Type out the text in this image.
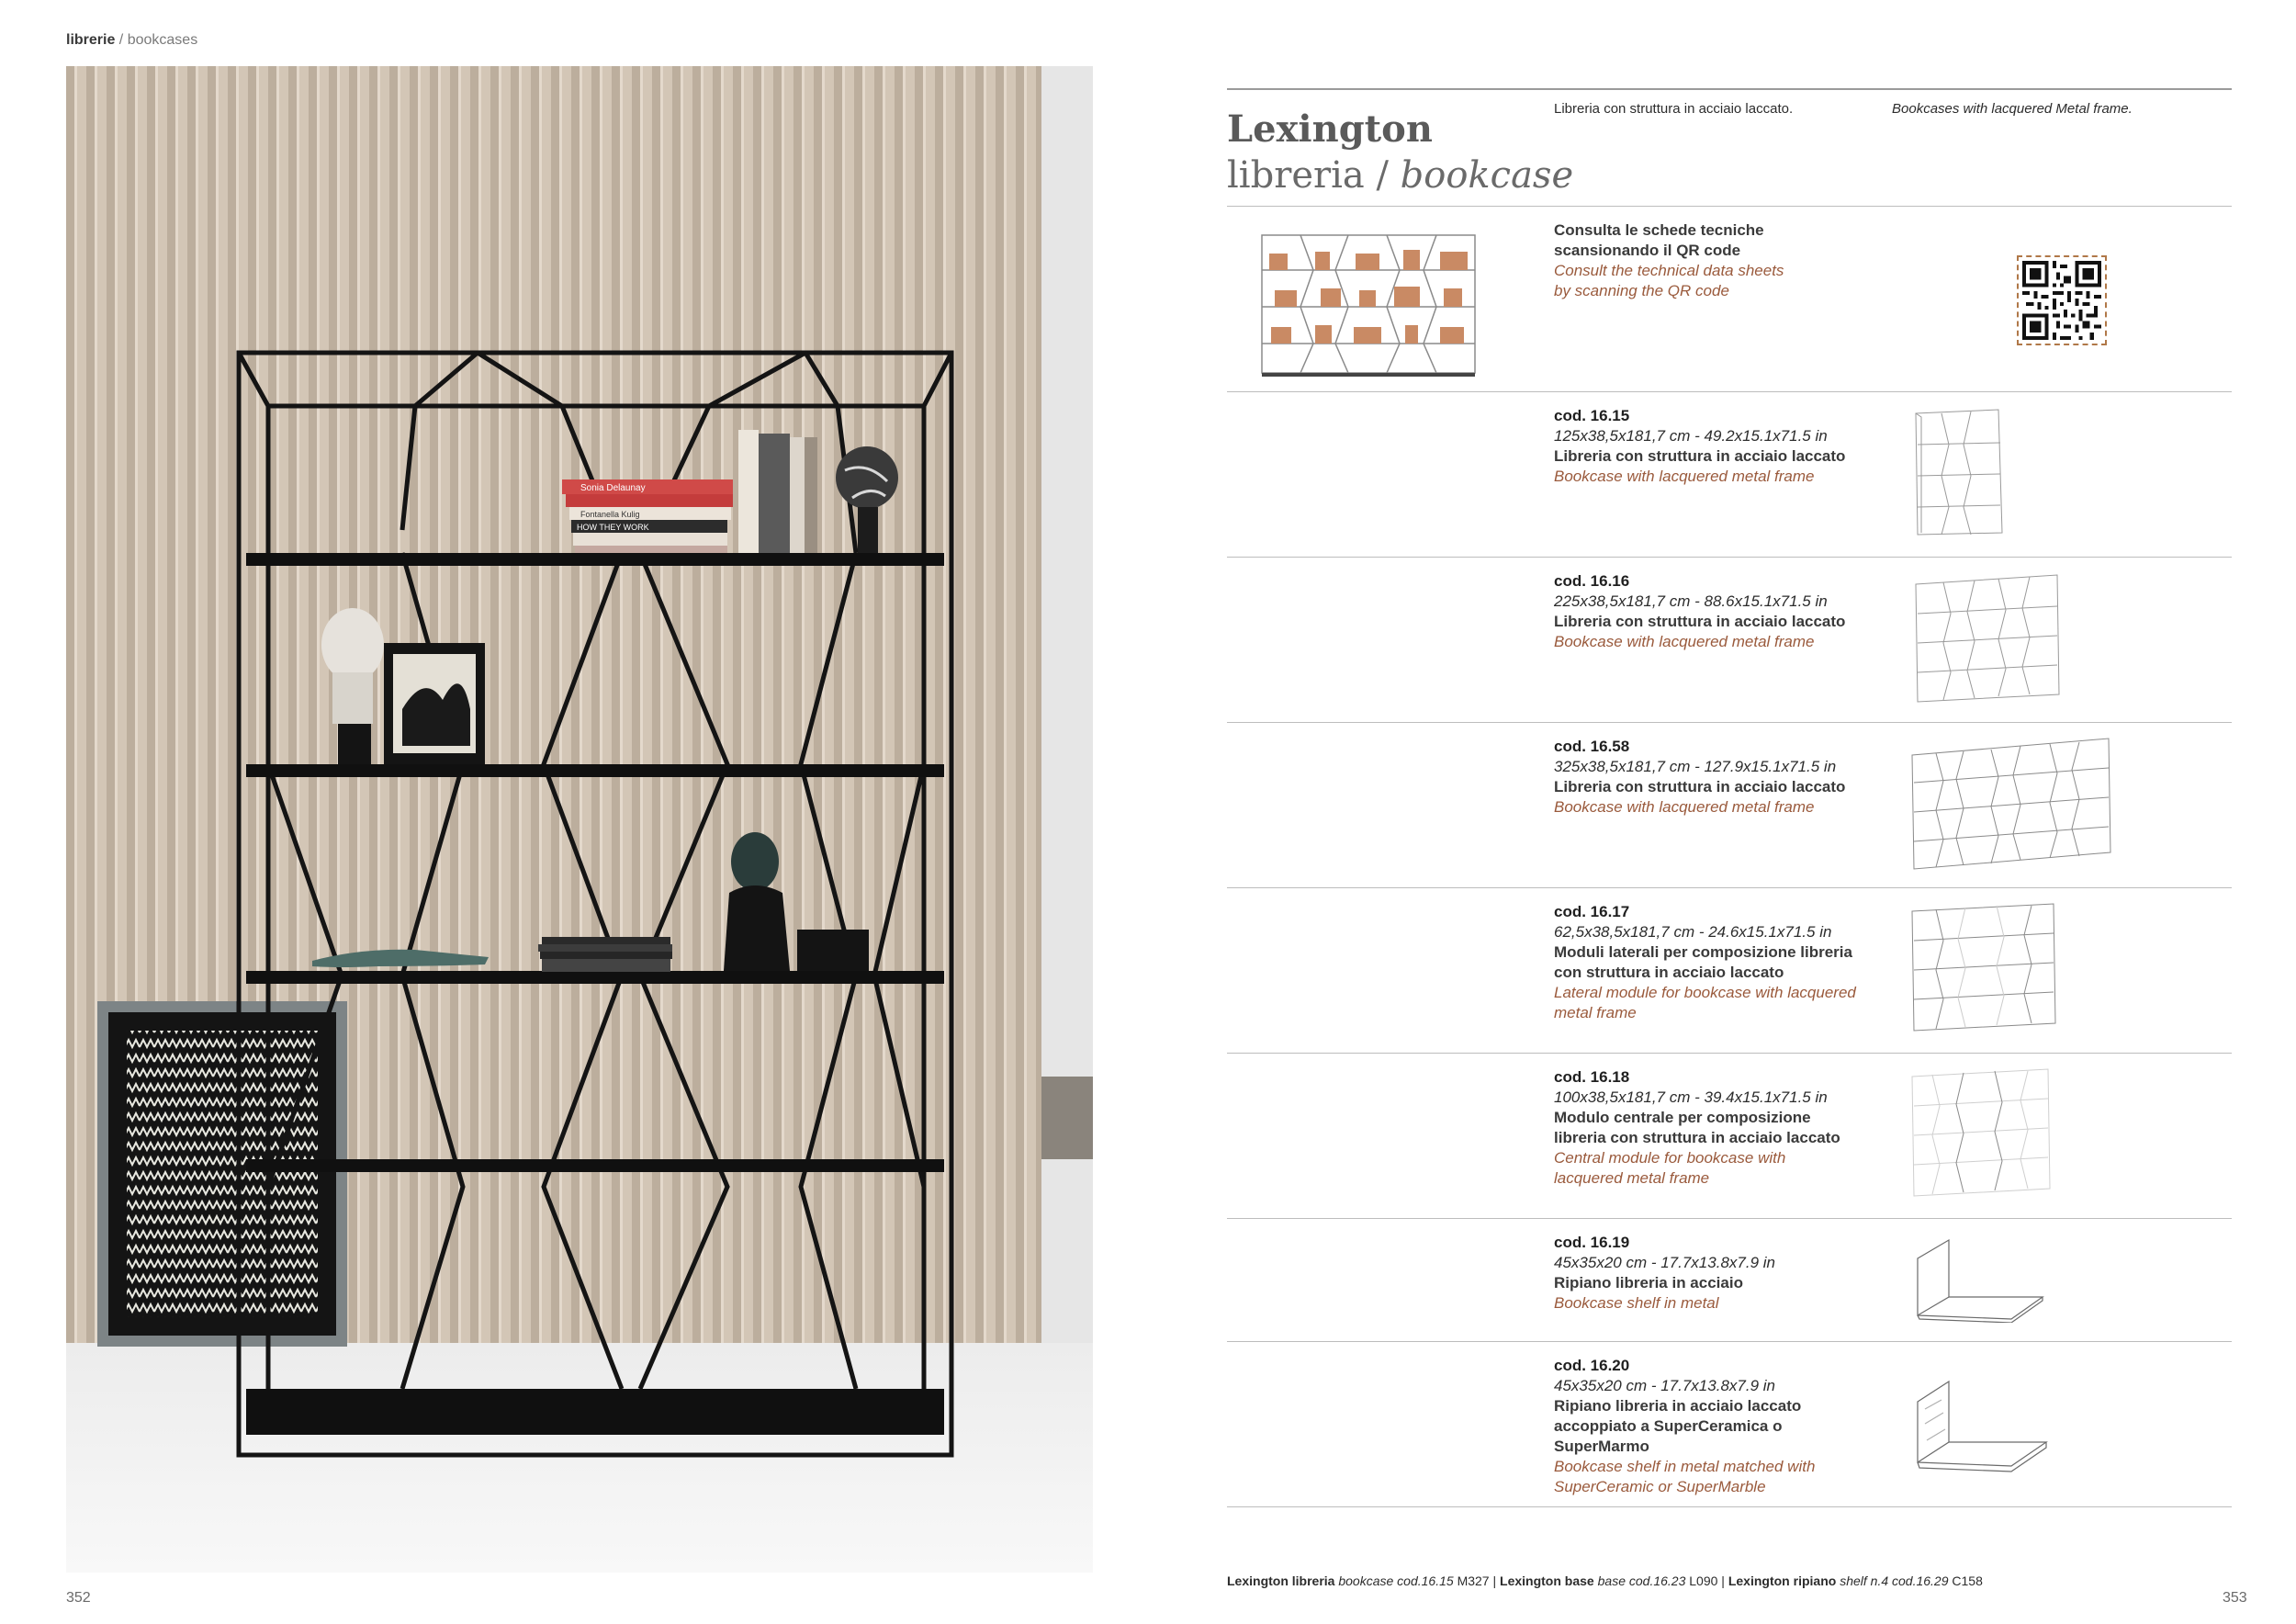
librerie / bookcases
Sonia Delaunay
Fontanella Kulig
HOW THEY WORK
352
Lexington
libreria / bookcase
Libreria con struttura in acciaio laccato.	Bookcases with lacquered Metal frame.
Consulta le schede tecniche
scansionando il QR code
Consult the technical data sheets
by scanning the QR code
cod. 16.15
125x38,5x181,7 cm - 49.2x15.1x71.5 in
Libreria con struttura in acciaio laccato
Bookcase with lacquered metal frame
cod. 16.16
225x38,5x181,7 cm - 88.6x15.1x71.5 in
Libreria con struttura in acciaio laccato
Bookcase with lacquered metal frame
cod. 16.58
325x38,5x181,7 cm - 127.9x15.1x71.5 in
Libreria con struttura in acciaio laccato
Bookcase with lacquered metal frame
cod. 16.17
62,5x38,5x181,7 cm - 24.6x15.1x71.5 in
Moduli laterali per composizione libreria
con struttura in acciaio laccato
Lateral module for bookcase with lacquered
metal frame
cod. 16.18
100x38,5x181,7 cm - 39.4x15.1x71.5 in
Modulo centrale per composizione
libreria con struttura in acciaio laccato
Central module for bookcase with
lacquered metal frame
cod. 16.19
45x35x20 cm - 17.7x13.8x7.9 in
Ripiano libreria in acciaio
Bookcase shelf in metal
cod. 16.20
45x35x20 cm - 17.7x13.8x7.9 in
Ripiano libreria in acciaio laccato
accoppiato a SuperCeramica o
SuperMarmo
Bookcase shelf in metal matched with
SuperCeramic or SuperMarble
Lexington libreria bookcase cod.16.15 M327 | Lexington base base cod.16.23 L090 | Lexington ripiano shelf n.4 cod.16.29 C158
353
